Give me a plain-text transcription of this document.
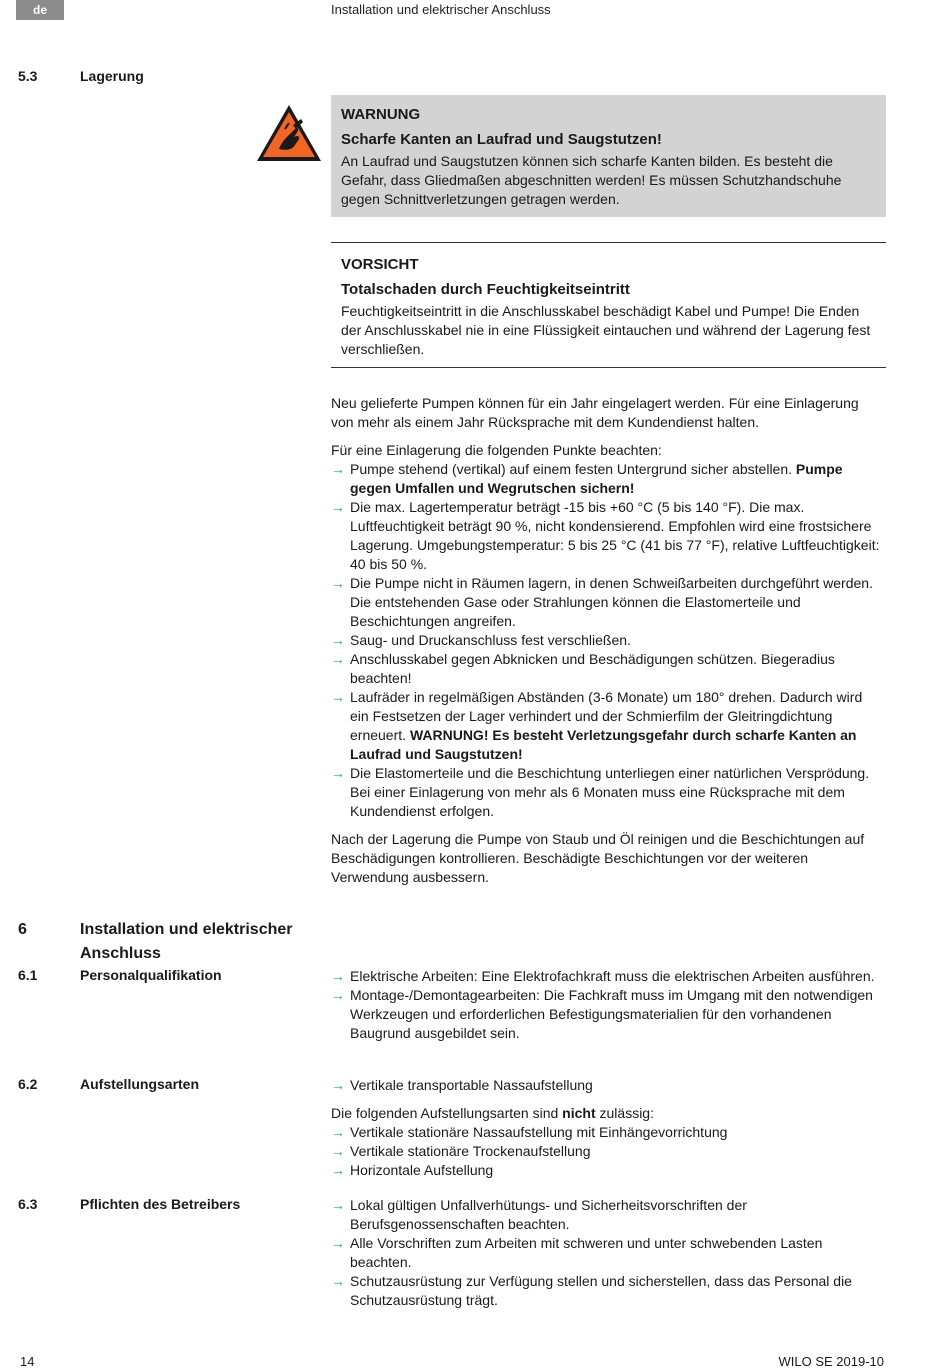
de	Installation und elektrischer Anschluss
5.3	Lagerung

WARNUNG

Scharfe Kanten an Laufrad und Saugstutzen!

An Laufrad und Saugstutzen können sich scharfe Kanten bilden. Es besteht die Gefahr, dass Gliedmaßen abgeschnitten werden! Es müssen Schutzhandschuhe gegen Schnittverletzungen getragen werden.

VORSICHT

Totalschaden durch Feuchtigkeitseintritt

Feuchtigkeitseintritt in die Anschlusskabel beschädigt Kabel und Pumpe! Die Enden der Anschlusskabel nie in eine Flüssigkeit eintauchen und während der Lagerung fest verschließen.

Neu gelieferte Pumpen können für ein Jahr eingelagert werden. Für eine Einlagerung von mehr als einem Jahr Rücksprache mit dem Kundendienst halten.

Für eine Einlagerung die folgenden Punkte beachten:

→ Pumpe stehend (vertikal) auf einem festen Untergrund sicher abstellen. Pumpe gegen Umfallen und Wegrutschen sichern!
→ Die max. Lagertemperatur beträgt -15 bis +60 °C (5 bis 140 °F). Die max. Luftfeuchtigkeit beträgt 90 %, nicht kondensierend. Empfohlen wird eine frostsichere Lagerung. Umgebungstemperatur: 5 bis 25 °C (41 bis 77 °F), relative Luftfeuchtigkeit: 40 bis 50 %.
→ Die Pumpe nicht in Räumen lagern, in denen Schweißarbeiten durchgeführt werden. Die entstehenden Gase oder Strahlungen können die Elastomerteile und Beschichtungen angreifen.
→ Saug- und Druckanschluss fest verschließen.
→ Anschlusskabel gegen Abknicken und Beschädigungen schützen. Biegeradius beachten!
→ Laufräder in regelmäßigen Abständen (3-6 Monate) um 180° drehen. Dadurch wird ein Festsetzen der Lager verhindert und der Schmierfilm der Gleitringdichtung erneuert. WARNUNG! Es besteht Verletzungsgefahr durch scharfe Kanten an Laufrad und Saugstutzen!
→ Die Elastomerteile und die Beschichtung unterliegen einer natürlichen Versprödung. Bei einer Einlagerung von mehr als 6 Monaten muss eine Rücksprache mit dem Kundendienst erfolgen.

Nach der Lagerung die Pumpe von Staub und Öl reinigen und die Beschichtungen auf Beschädigungen kontrollieren. Beschädigte Beschichtungen vor der weiteren Verwendung ausbessern.

6	Installation und elektrischer Anschluss
6.1	Personalqualifikation	→ Elektrische Arbeiten: Eine Elektrofachkraft muss die elektrischen Arbeiten ausführen.
→ Montage-/Demontagearbeiten: Die Fachkraft muss im Umgang mit den notwendigen Werkzeugen und erforderlichen Befestigungsmaterialien für den vorhandenen Baugrund ausgebildet sein.
6.2	Aufstellungsarten	→ Vertikale transportable Nassaufstellung

Die folgenden Aufstellungsarten sind nicht zulässig:

→ Vertikale stationäre Nassaufstellung mit Einhängevorrichtung
→ Vertikale stationäre Trockenaufstellung
→ Horizontale Aufstellung
6.3	Pflichten des Betreibers	→ Lokal gültigen Unfallverhütungs- und Sicherheitsvorschriften der Berufsgenossenschaften beachten.
→ Alle Vorschriften zum Arbeiten mit schweren und unter schwebenden Lasten beachten.
→ Schutzausrüstung zur Verfügung stellen und sicherstellen, dass das Personal die Schutzausrüstung trägt.
14	WILO SE 2019-10
